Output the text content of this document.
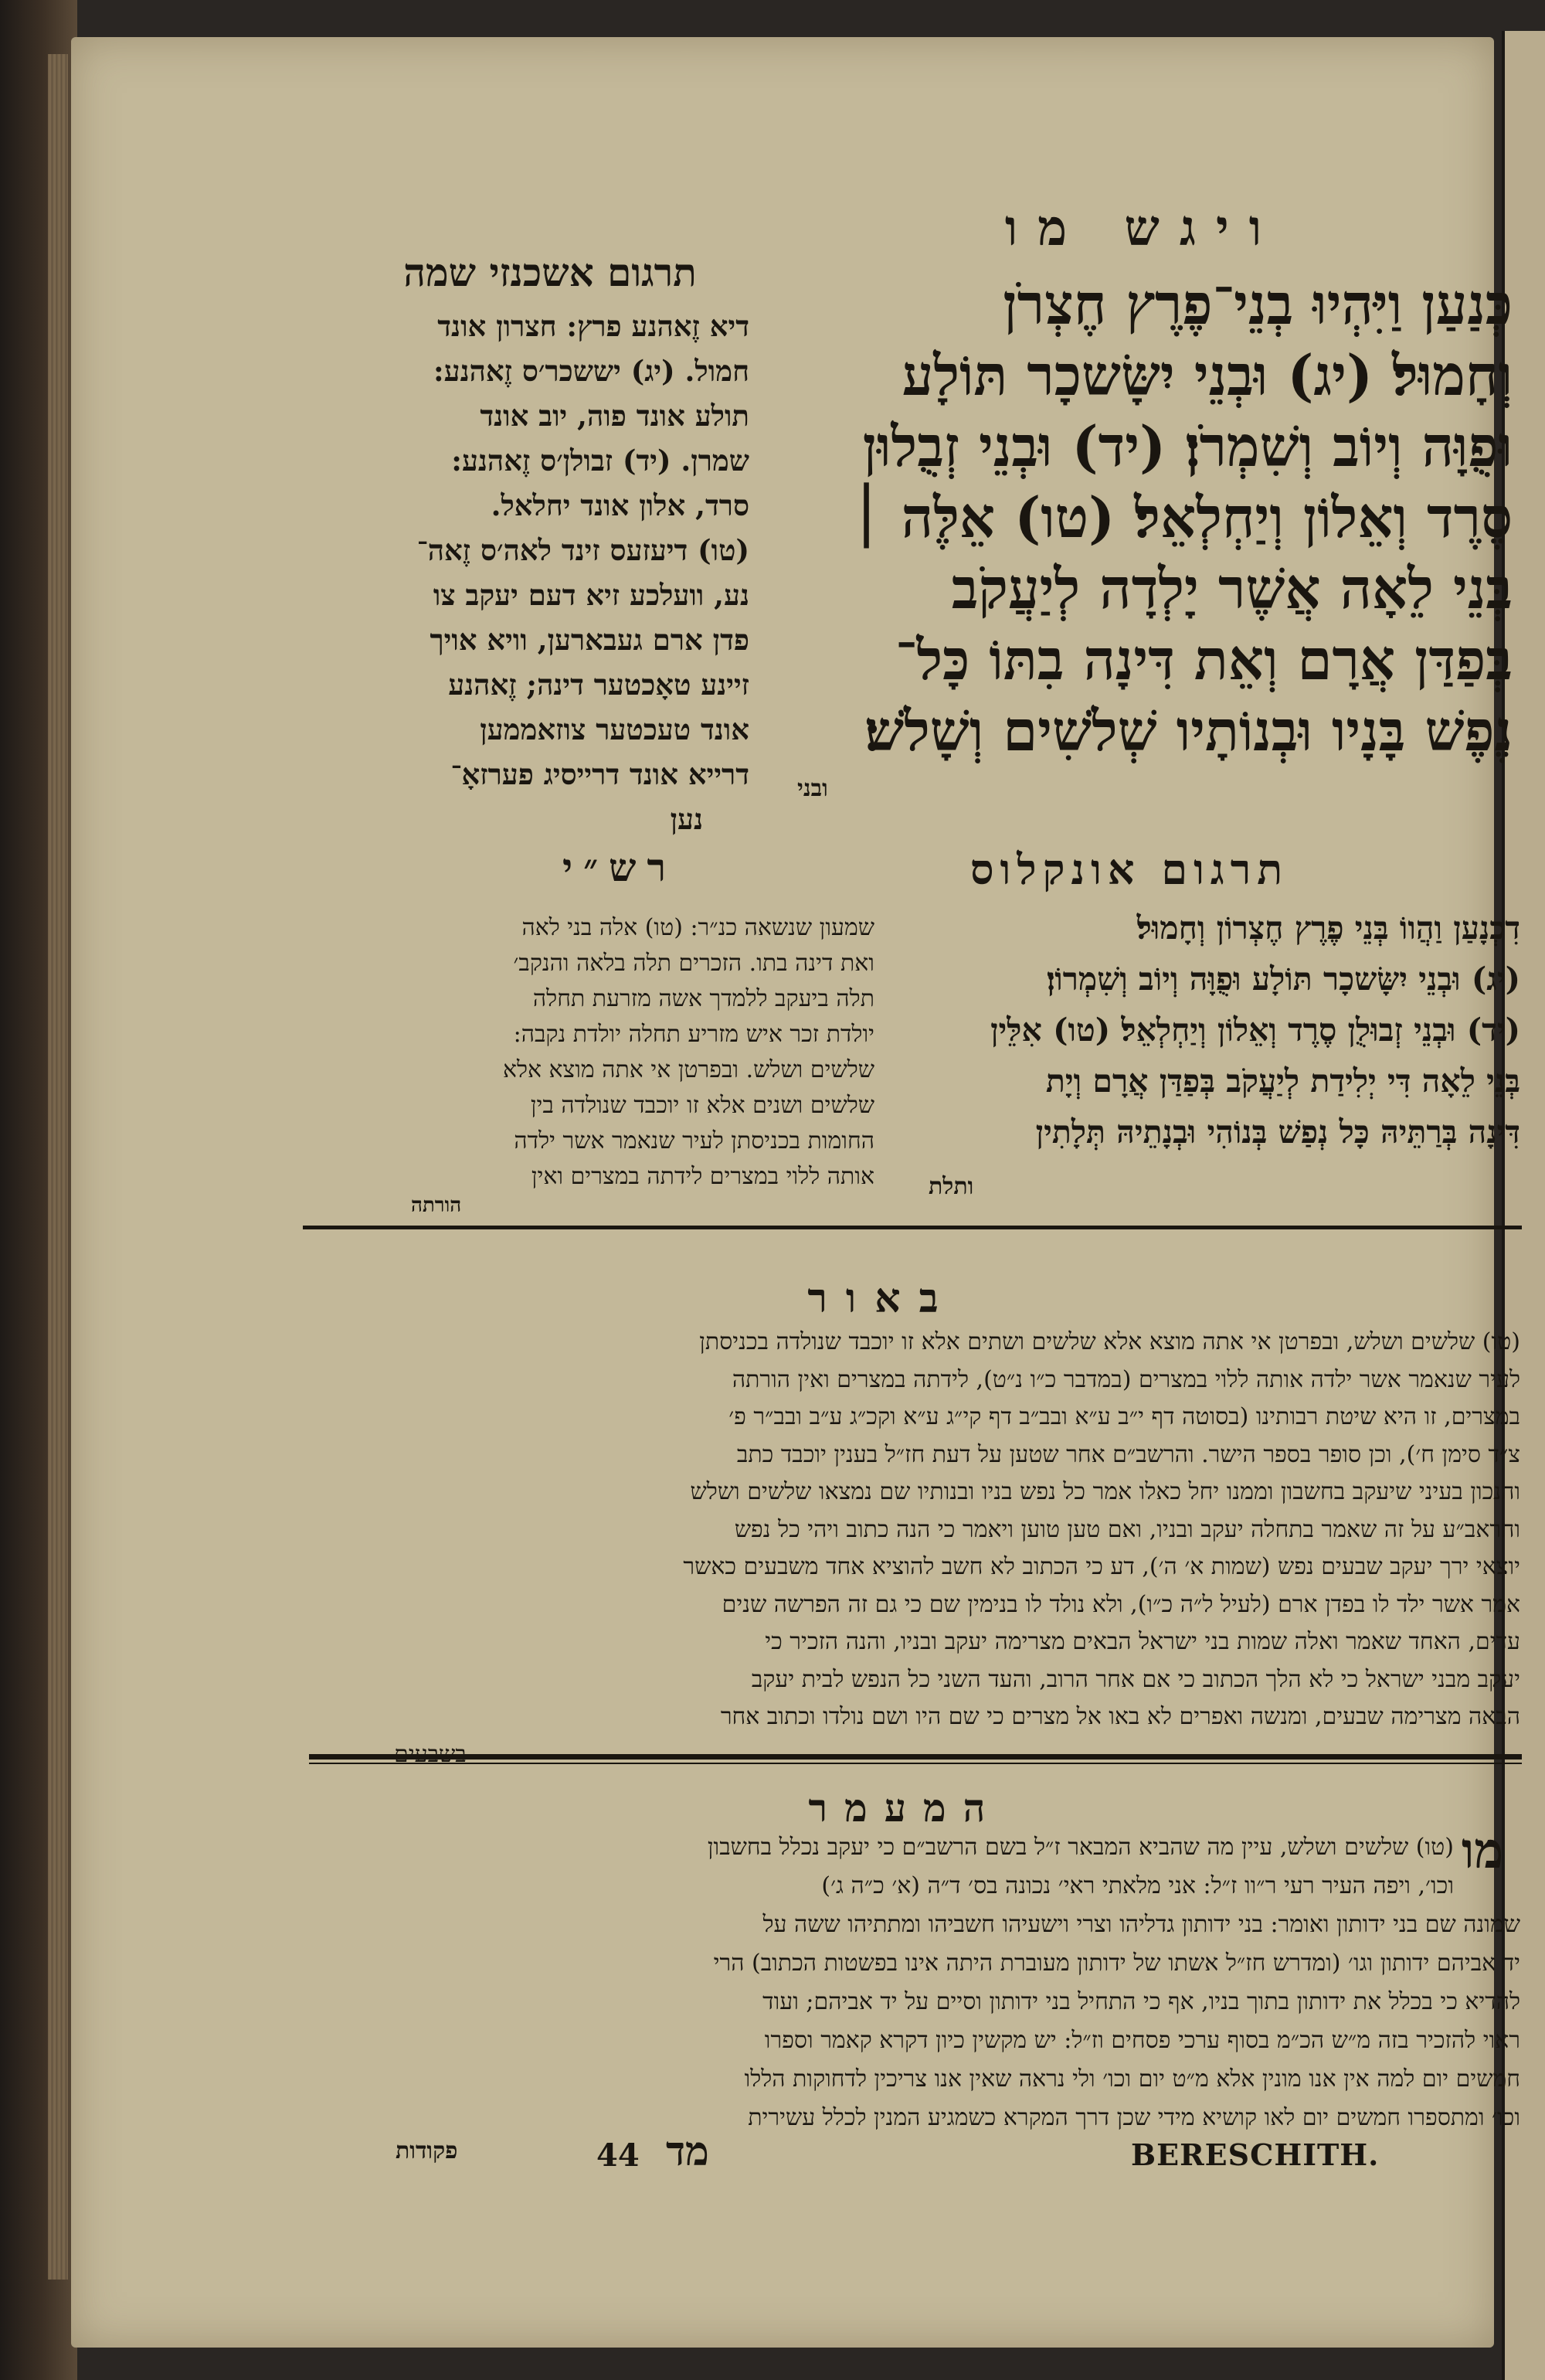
ויגש מו
כְּנַעַן וַיִּהְיוּ בְנֵי־פֶרֶץ חֶצְרֹן
וְחָמוּל׃ (יג) וּבְנֵי יִשָּׂשכָר תּוֹלָע
וּפֻוָּה וְיוֹב וְשִׁמְרֹן׃ (יד) וּבְנֵי זְבֻלוּן
סֶרֶד וְאֵלוֹן וְיַחְלְאֵל׃ (טו) אֵלֶּה ׀
בְּנֵי לֵאָה אֲשֶׁר יָלְדָה לְיַעֲקֹב
בְּפַדַּן אֲרָם וְאֵת דִּינָה בִתּוֹ כָּל־
נֶפֶשׁ בָּנָיו וּבְנוֹתָיו שְׁלֹשִׁים וְשָׁלֹשׁ׃
ובני
תרגום אשכנזי שמה
דיא זֶאהנע פרץ: חצרון אונד
חמול. (יג) יששכר׳ס זֶאהנע:
תולע אונד פוה, יוב אונד
שמרן. (יד) זבולן׳ס זֶאהנע:
סרד, אלון אונד יחלאל.
(טו) דיעזעס זינד לאה׳ס זֶאה־
נע, וועלכע זיא דעם יעקב צו
פדן ארם געבארען, וויא אויך
זיינע טאָכטער דינה; זֶאהנע
אונד טעכטער צוזאממען
דרייא אונד דרייסיג פערזאָ־
נען
תרגום אונקלוס
דִכְנָעַן וַהֲווֹ בְּנֵי פֶרֶץ חֶצְרוֹן וְחָמוּל׃
(יג) וּבְנֵי יִשָּׂשכָר תּוֹלָע וּפֻוָּה וְיוֹב וְשִׁמְרוֹן׃
(יד) וּבְנֵי זְבוּלֻן סֶרֶד וְאֵלוֹן וְיַחְלְאֵל׃ (טו) אִלֵּין
בְּנֵי לֵאָה דִּי יְלִידַת לְיַעֲקֹב בְּפַדַּן אֲרָם וְיָת
דִּינָה בְּרַתֵּיהּ כָּל נְפַשׁ בְּנוֹהִי וּבְנָתֵיהּ תְּלָתִין
ותלת
רש״י
שמעון שנשאה כנ״ר: (טו) אלה בני לאה
ואת דינה בתו. הזכרים תלה בלאה והנקב׳
תלה ביעקב ללמדך אשה מזרעת תחלה
יולדת זכר איש מזריע תחלה יולדת נקבה:
שלשים ושלש. ובפרטן אי אתה מוצא אלא
שלשים ושנים אלא זו יוכבד שנולדה בין
החומות בכניסתן לעיר שנאמר אשר ילדה
אותה ללוי במצרים לידתה במצרים ואין
הורתה
באור
(טו) שלשים ושלש, ובפרטן אי אתה מוצא אלא שלשים ושתים אלא זו יוכבד שנולדה בכניסתן
לעיר שנאמר אשר ילדה אותה ללוי במצרים (במדבר כ״ו נ״ט), לידתה במצרים ואין הורתה
במצרים, זו היא שיטת רבותינו (בסוטה דף י״ב ע״א ובב״ב דף קי״ג ע״א וקכ״ג ע״ב ובב״ר פ׳
צ״ד סימן ח׳), וכן סופר בספר הישר. והרשב״ם אחר שטען על דעת חז״ל בענין יוכבד כתב
והנכון בעיני שיעקב בחשבון וממנו יחל כאלו אמר כל נפש בניו ובנותיו שם נמצאו שלשים ושלש
והראב״ע על זה שאמר בתחלה יעקב ובניו, ואם טען טוען ויאמר כי הנה כתוב ויהי כל נפש
יוצאי ירך יעקב שבעים נפש (שמות א׳ ה׳), דע כי הכתוב לא חשב להוציא אחד משבעים כאשר
אמר אשר ילד לו בפדן ארם (לעיל ל״ה כ״ו), ולא נולד לו בנימין שם כי גם זה הפרשה שנים
עדים, האחד שאמר ואלה שמות בני ישראל הבאים מצרימה יעקב ובניו, והנה הזכיר כי
יעקב מבני ישראל כי לא הלך הכתוב כי אם אחר הרוב, והעד השני כל הנפש לבית יעקב
הבאה מצרימה שבעים, ומנשה ואפרים לא באו אל מצרים כי שם היו ושם נולדו וכתוב אחר
המעמר
מו
(טו) שלשים ושלש, עיין מה שהביא המבאר ז״ל בשם הרשב״ם כי יעקב נכלל בחשבון
וכו׳, ויפה העיר רעי ר״וו ז״ל: אני מלאתי ראי׳ נכונה בס׳ ד״ה (א׳ כ״ה ג׳)
שמונה שם בני ידותון ואומר: בני ידותון גדליהו וצרי וישעיהו חשביהו ומתתיהו ששה על
יד אביהם ידותון וגו׳ (ומדרש חז״ל אשתו של ידותון מעוברת היתה אינו בפשטות הכתוב) הרי
להדיא כי בכלל את ידותון בתוך בניו, אף כי התחיל בני ידותון וסיים על יד אביהם; ועוד
ראוי להזכיר בזה מ״ש הכ״מ בסוף ערכי פסחים וז״ל: יש מקשין כיון דקרא קאמר וספרו
חמשים יום למה אין אנו מונין אלא מ״ט יום וכו׳ ולי נראה שאין אנו צריכין לדחוקות הללו
וכו׳ ומתספרו חמשים יום לאו קושיא מידי שכן דרך המקרא כשמגיע המנין לכלל עשירית
פקודות	44 מד	BERESCHITH.
